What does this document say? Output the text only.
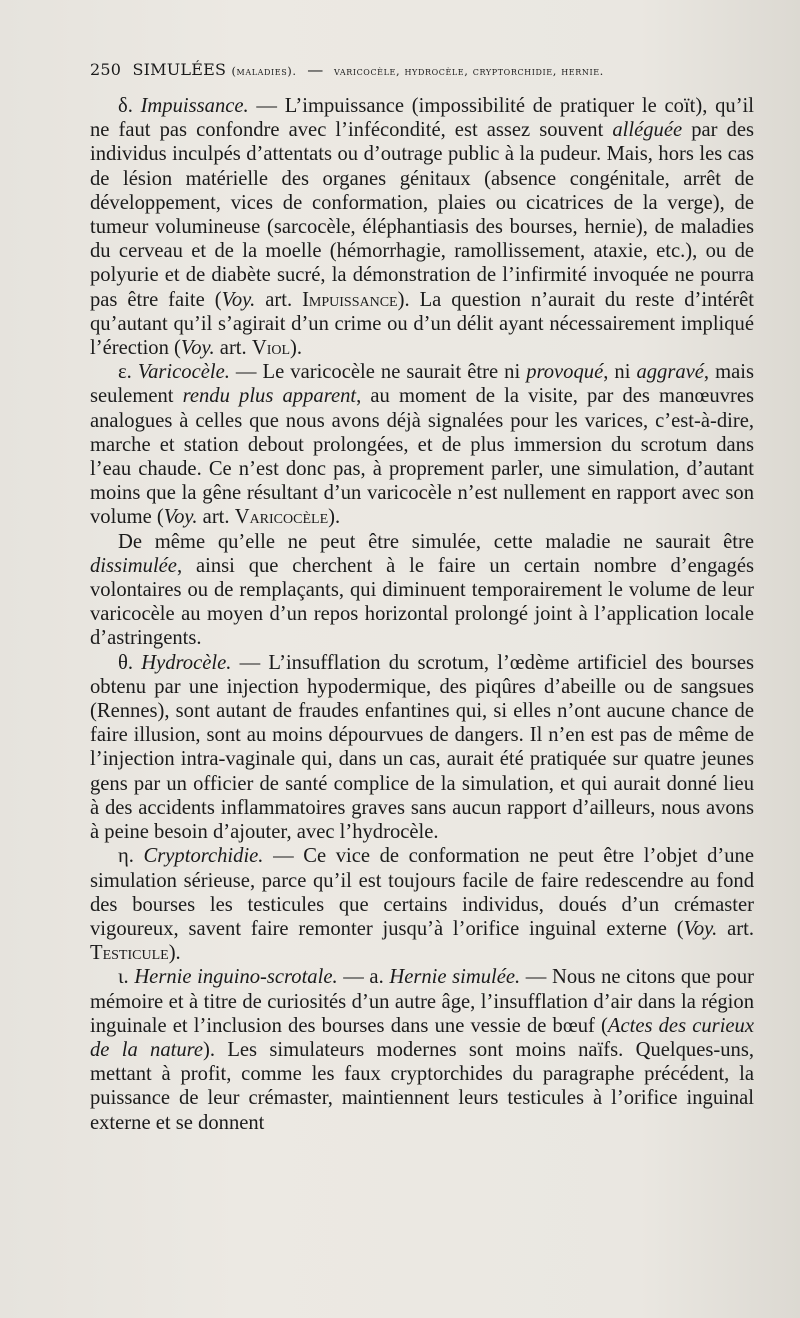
250 SIMULÉES (maladies). — varicocèle, hydrocèle, cryptorchidie, hernie.

δ. Impuissance. — L’impuissance (impossibilité de pratiquer le coït), qu’il ne faut pas confondre avec l’infécondité, est assez souvent alléguée par des individus inculpés d’attentats ou d’outrage public à la pudeur. Mais, hors les cas de lésion matérielle des organes génitaux (absence congénitale, arrêt de développement, vices de conformation, plaies ou cicatrices de la verge), de tumeur volumineuse (sarcocèle, éléphantiasis des bourses, hernie), de maladies du cerveau et de la moelle (hémorrhagie, ramollissement, ataxie, etc.), ou de polyurie et de diabète sucré, la démonstration de l’infirmité invoquée ne pourra pas être faite (Voy. art. Impuissance). La question n’aurait du reste d’intérêt qu’autant qu’il s’agirait d’un crime ou d’un délit ayant nécessairement impliqué l’érection (Voy. art. Viol).

ε. Varicocèle. — Le varicocèle ne saurait être ni provoqué, ni aggravé, mais seulement rendu plus apparent, au moment de la visite, par des manœuvres analogues à celles que nous avons déjà signalées pour les varices, c’est-à-dire, marche et station debout prolongées, et de plus immersion du scrotum dans l’eau chaude. Ce n’est donc pas, à proprement parler, une simulation, d’autant moins que la gêne résultant d’un varicocèle n’est nullement en rapport avec son volume (Voy. art. Varicocèle).

De même qu’elle ne peut être simulée, cette maladie ne saurait être dissimulée, ainsi que cherchent à le faire un certain nombre d’engagés volontaires ou de remplaçants, qui diminuent temporairement le volume de leur varicocèle au moyen d’un repos horizontal prolongé joint à l’application locale d’astringents.

θ. Hydrocèle. — L’insufflation du scrotum, l’œdème artificiel des bourses obtenu par une injection hypodermique, des piqûres d’abeille ou de sangsues (Rennes), sont autant de fraudes enfantines qui, si elles n’ont aucune chance de faire illusion, sont au moins dépourvues de dangers. Il n’en est pas de même de l’injection intra-vaginale qui, dans un cas, aurait été pratiquée sur quatre jeunes gens par un officier de santé complice de la simulation, et qui aurait donné lieu à des accidents inflammatoires graves sans aucun rapport d’ailleurs, nous avons à peine besoin d’ajouter, avec l’hydrocèle.

η. Cryptorchidie. — Ce vice de conformation ne peut être l’objet d’une simulation sérieuse, parce qu’il est toujours facile de faire redescendre au fond des bourses les testicules que certains individus, doués d’un crémaster vigoureux, savent faire remonter jusqu’à l’orifice inguinal externe (Voy. art. Testicule).

ι. Hernie inguino-scrotale. — a. Hernie simulée. — Nous ne citons que pour mémoire et à titre de curiosités d’un autre âge, l’insufflation d’air dans la région inguinale et l’inclusion des bourses dans une vessie de bœuf (Actes des curieux de la nature). Les simulateurs modernes sont moins naïfs. Quelques-uns, mettant à profit, comme les faux cryptorchides du paragraphe précédent, la puissance de leur crémaster, maintiennent leurs testicules à l’orifice inguinal externe et se donnent
